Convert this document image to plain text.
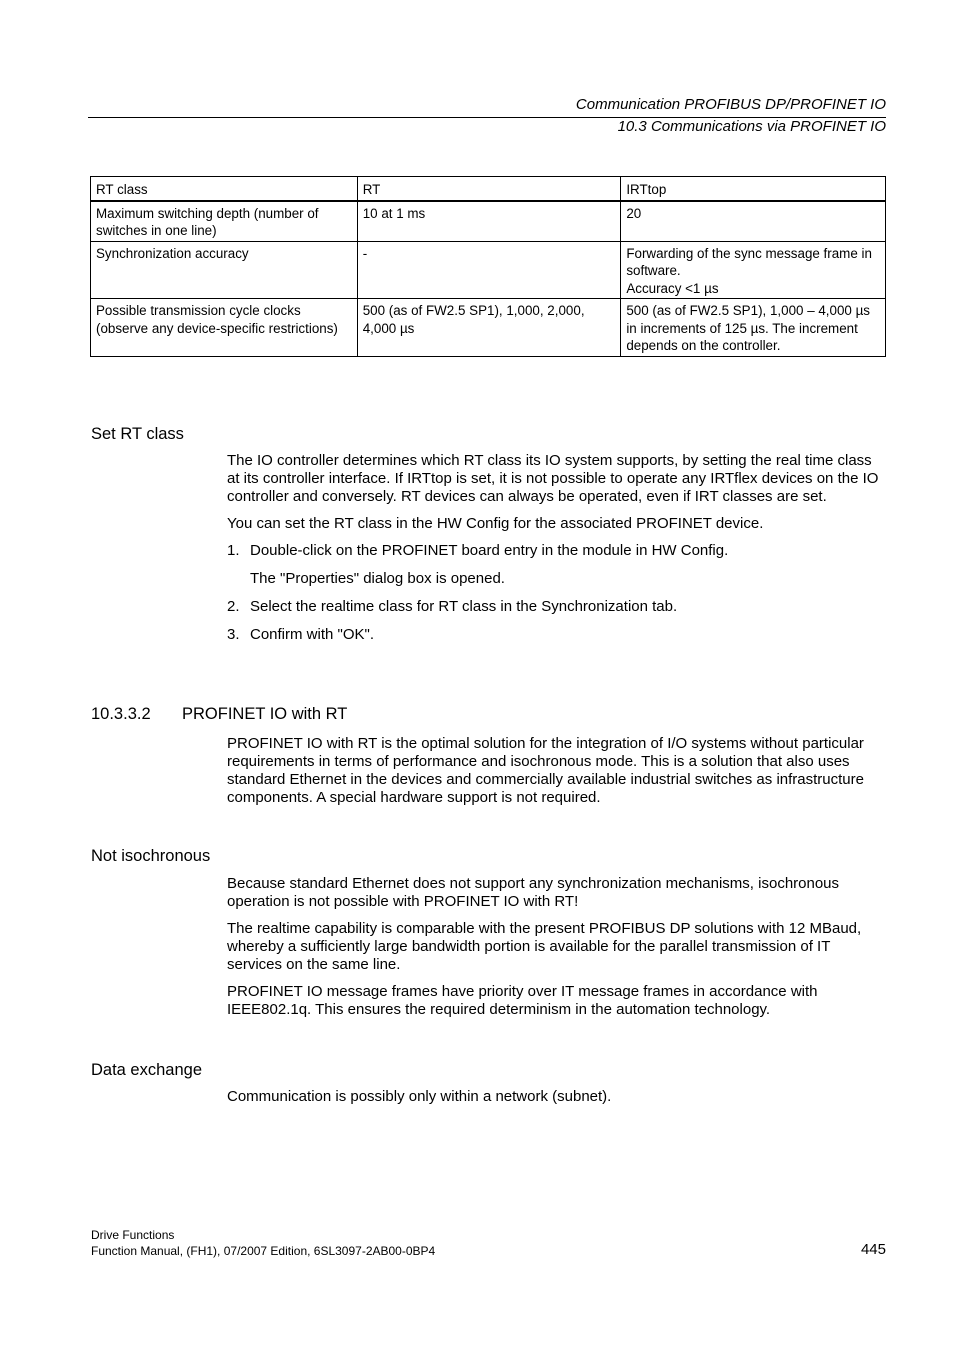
Communication PROFIBUS DP/PROFINET IO
10.3 Communications via PROFINET IO
RT class	RT	IRTtop
Maximum switching depth (number of switches in one line)	10 at 1 ms	20

Synchronization accuracy	-	Forwarding of the sync message frame in software.
Accuracy <1 µs

Possible transmission cycle clocks (observe any device-specific restrictions)	500 (as of FW2.5 SP1), 1,000, 2,000, 4,000 µs	500 (as of FW2.5 SP1), 1,000 – 4,000 µs in increments of 125 µs. The increment depends on the controller.
Set RT class

The IO controller determines which RT class its IO system supports, by setting the real time class at its controller interface. If IRTtop is set, it is not possible to operate any IRTflex devices on the IO controller and conversely. RT devices can always be operated, even if IRT classes are set.

You can set the RT class in the HW Config for the associated PROFINET device.

1. Double-click on the PROFINET board entry in the module in HW Config.
The "Properties" dialog box is opened.
2. Select the realtime class for RT class in the Synchronization tab.
3. Confirm with "OK".
10.3.3.2 PROFINET IO with RT

PROFINET IO with RT is the optimal solution for the integration of I/O systems without particular requirements in terms of performance and isochronous mode. This is a solution that also uses standard Ethernet in the devices and commercially available industrial switches as infrastructure components. A special hardware support is not required.

Not isochronous

Because standard Ethernet does not support any synchronization mechanisms, isochronous operation is not possible with PROFINET IO with RT!

The realtime capability is comparable with the present PROFIBUS DP solutions with 12 MBaud, whereby a sufficiently large bandwidth portion is available for the parallel transmission of IT services on the same line.

PROFINET IO message frames have priority over IT message frames in accordance with IEEE802.1q. This ensures the required determinism in the automation technology.

Data exchange

Communication is possibly only within a network (subnet).

Drive Functions
Function Manual, (FH1), 07/2007 Edition, 6SL3097-2AB00-0BP4	445
